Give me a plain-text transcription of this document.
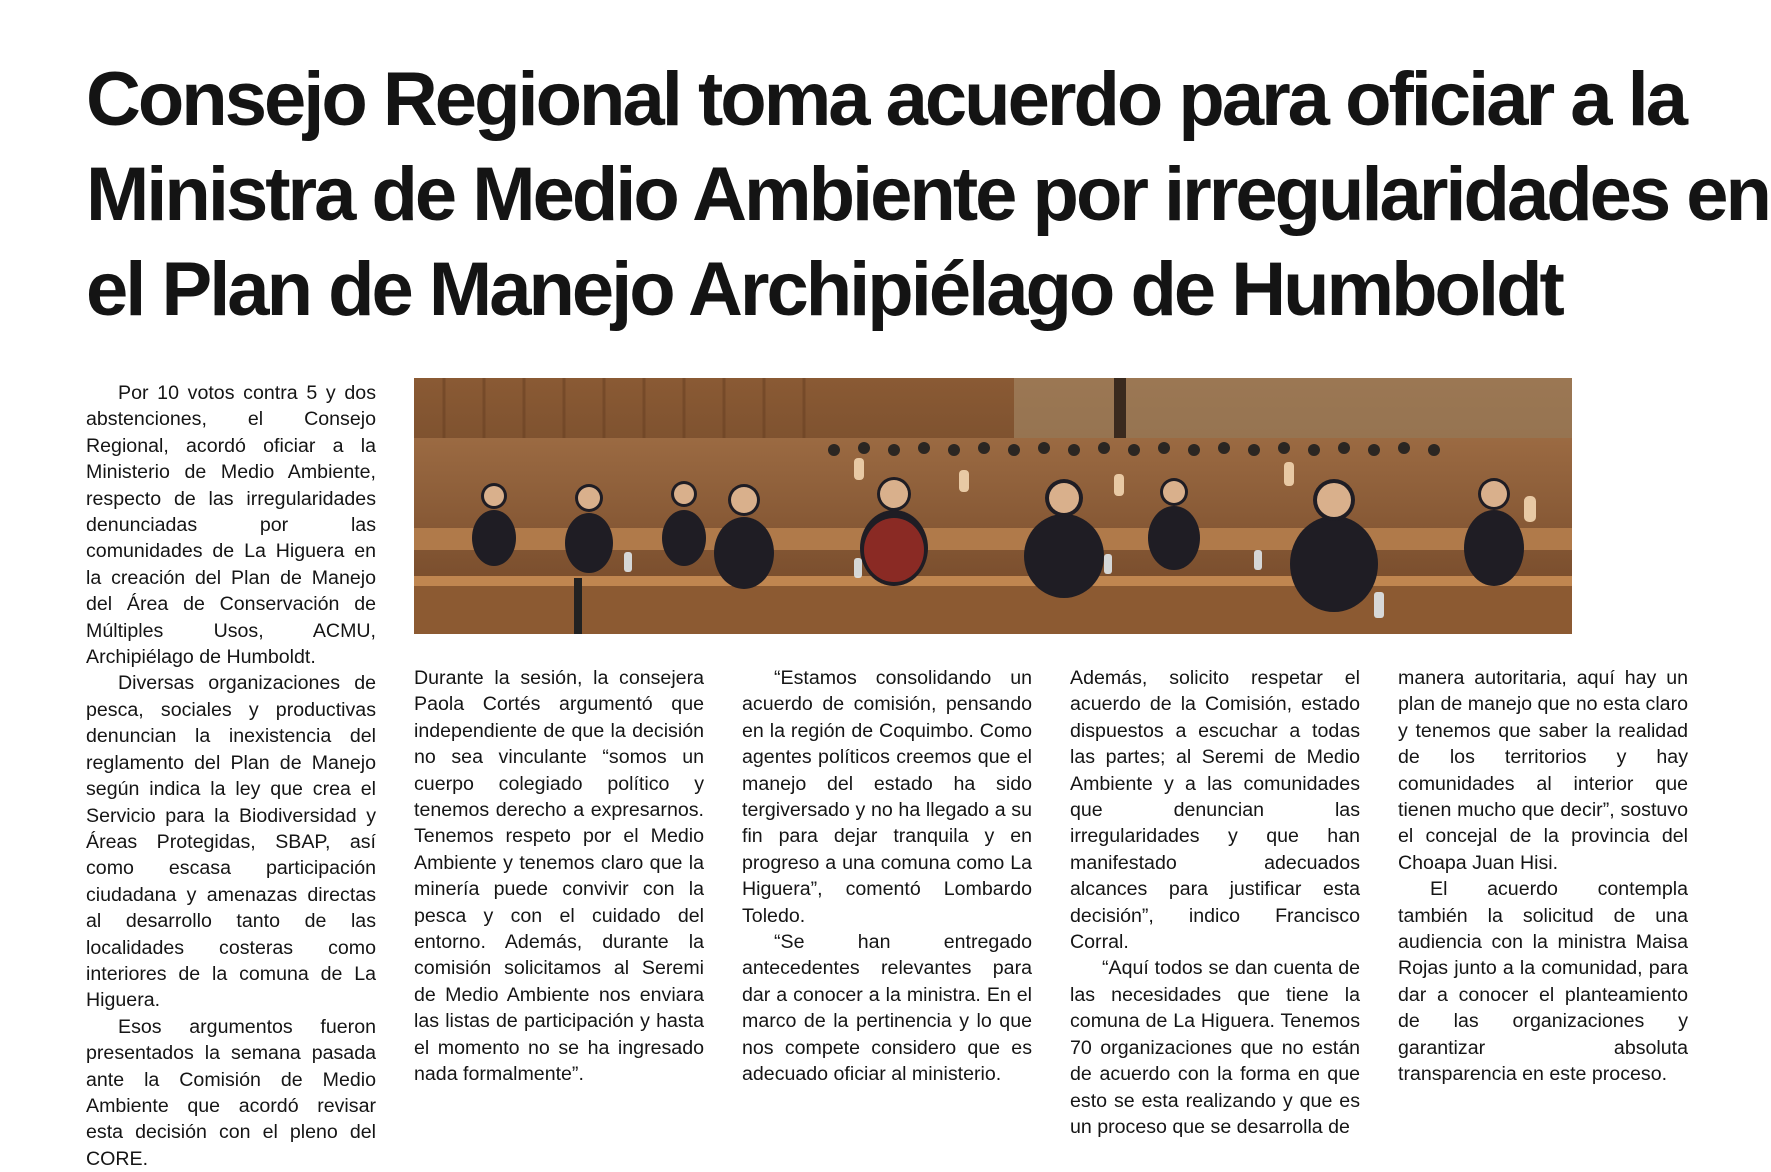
Consejo Regional toma acuerdo para oficiar a la
Ministra de Medio Ambiente por irregularidades en
el Plan de Manejo Archipiélago de Humboldt

Por 10 votos contra 5 y dos abstenciones, el Consejo Regional, acordó oficiar a la Ministerio de Medio Ambiente, respecto de las irregularidades denunciadas por las comunidades de La Higuera en la creación del Plan de Manejo del Área de Conservación de Múltiples Usos, ACMU, Archipiélago de Humboldt.

Diversas organizaciones de pesca, sociales y productivas denuncian la inexistencia del reglamento del Plan de Manejo según indica la ley que crea el Servicio para la Biodiversidad y Áreas Protegidas, SBAP, así como escasa participación ciudadana y amenazas directas al desarrollo tanto de las localidades costeras como interiores de la comuna de La Higuera.

Esos argumentos fueron presentados la semana pasada ante la Comisión de Medio Ambiente que acordó revisar esta decisión con el pleno del CORE.

Durante la sesión, la consejera Paola Cortés argumentó que independiente de que la decisión no sea vinculante “somos un cuerpo colegiado político y tenemos derecho a expresarnos. Tenemos respeto por el Medio Ambiente y tenemos claro que la minería puede convivir con la pesca y con el cuidado del entorno. Además, durante la comisión solicitamos al Seremi de Medio Ambiente nos enviara las listas de participación y hasta el momento no se ha ingresado nada formalmente”.

“Estamos consolidando un acuerdo de comisión, pensando en la región de Coquimbo. Como agentes políticos creemos que el manejo del estado ha sido tergiversado y no ha llegado a su fin para dejar tranquila y en progreso a una comuna como La Higuera”, comentó Lombardo Toledo.

“Se han entregado antecedentes relevantes para dar a conocer a la ministra. En el marco de la pertinencia y lo que nos compete considero que es adecuado oficiar al ministerio.

Además, solicito respetar el acuerdo de la Comisión, estado dispuestos a escuchar a todas las partes; al Seremi de Medio Ambiente y a las comunidades que denuncian las irregularidades y que han manifestado adecuados alcances para justificar esta decisión”, indico Francisco Corral.

“Aquí todos se dan cuenta de las necesidades que tiene la comuna de La Higuera. Tenemos 70 organizaciones que no están de acuerdo con la forma en que esto se esta realizando y que es un proceso que se desarrolla de

manera autoritaria, aquí hay un plan de manejo que no esta claro y tenemos que saber la realidad de los territorios y hay comunidades al interior que tienen mucho que decir”, sostuvo el concejal de la provincia del Choapa Juan Hisi.

El acuerdo contempla también la solicitud de una audiencia con la ministra Maisa Rojas junto a la comunidad, para dar a conocer el planteamiento de las organizaciones y garantizar absoluta transparencia en este proceso.
